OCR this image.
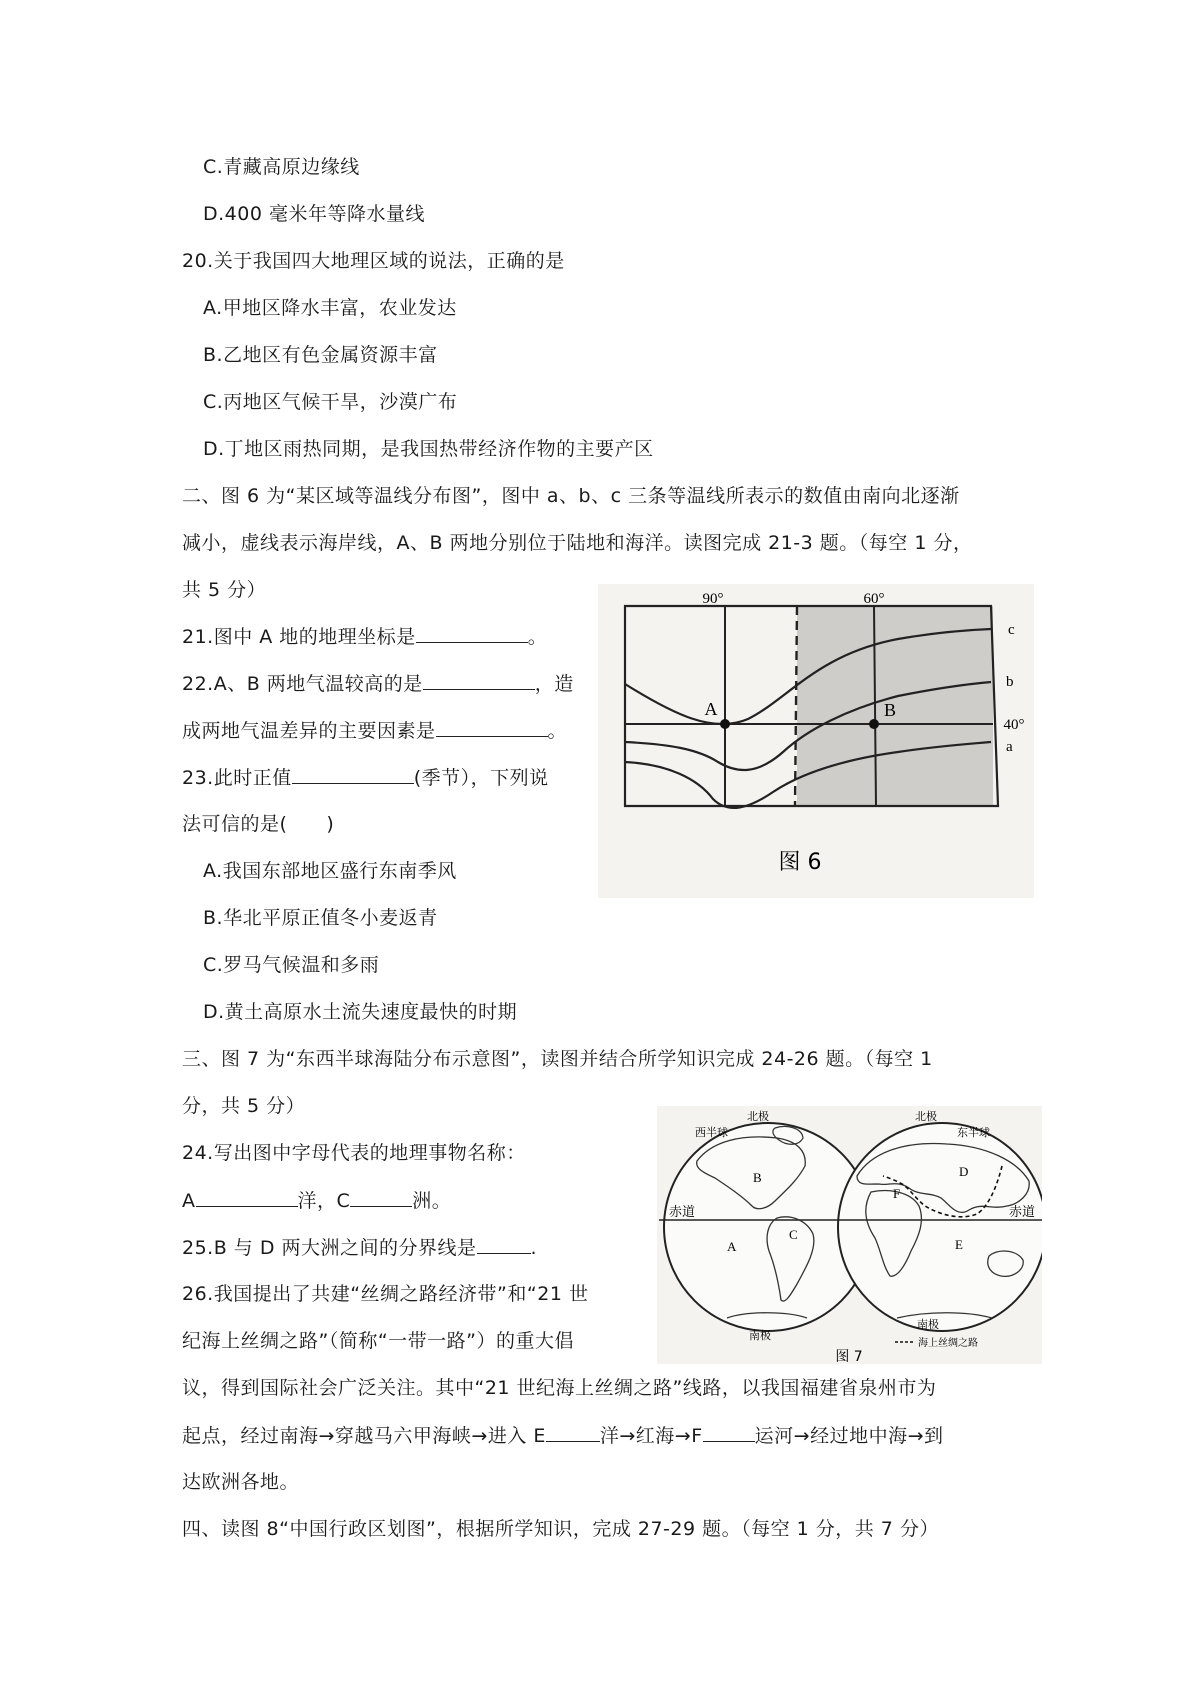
C.青藏高原边缘线
D.400 毫米年等降水量线
20.关于我国四大地理区域的说法，正确的是
A.甲地区降水丰富，农业发达
B.乙地区有色金属资源丰富
C.丙地区气候干旱，沙漠广布
D.丁地区雨热同期，是我国热带经济作物的主要产区
二、图 6 为“某区域等温线分布图”，图中 a、b、c 三条等温线所表示的数值由南向北逐渐
减小，虚线表示海岸线，A、B 两地分别位于陆地和海洋。读图完成 21-3 题。（每空 1 分，
共 5 分）
21.图中 A 地的地理坐标是	。
22.A、B 两地气温较高的是	，造
成两地气温差异的主要因素是	。
23.此时正值	(季节），下列说
法可信的是(　　)
A.我国东部地区盛行东南季风
B.华北平原正值冬小麦返青
C.罗马气候温和多雨
D.黄土高原水土流失速度最快的时期
90°	60°
40°
A	B
c
b
a
图 6
三、图 7 为“东西半球海陆分布示意图”，读图并结合所学知识完成 24-26 题。（每空 1
分，共 5 分）
24.写出图中字母代表的地理事物名称：
A	洋，C	洲。
25.B 与 D 两大洲之间的分界线是	.
26.我国提出了共建“丝绸之路经济带”和“21 世
纪海上丝绸之路”（简称“一带一路”）的重大倡
议，得到国际社会广泛关注。其中“21 世纪海上丝绸之路”线路，以我国福建省泉州市为
起点，经过南海→穿越马六甲海峡→进入 E	洋→红海→F	运河→经过地中海→到
达欧洲各地。
海上丝绸之路
西半球
北极	北极
东半球
赤道	赤道
南极
南极
B
C
A
D
F
E
图 7
四、读图 8“中国行政区划图”，根据所学知识，完成 27-29 题。（每空 1 分，共 7 分）
